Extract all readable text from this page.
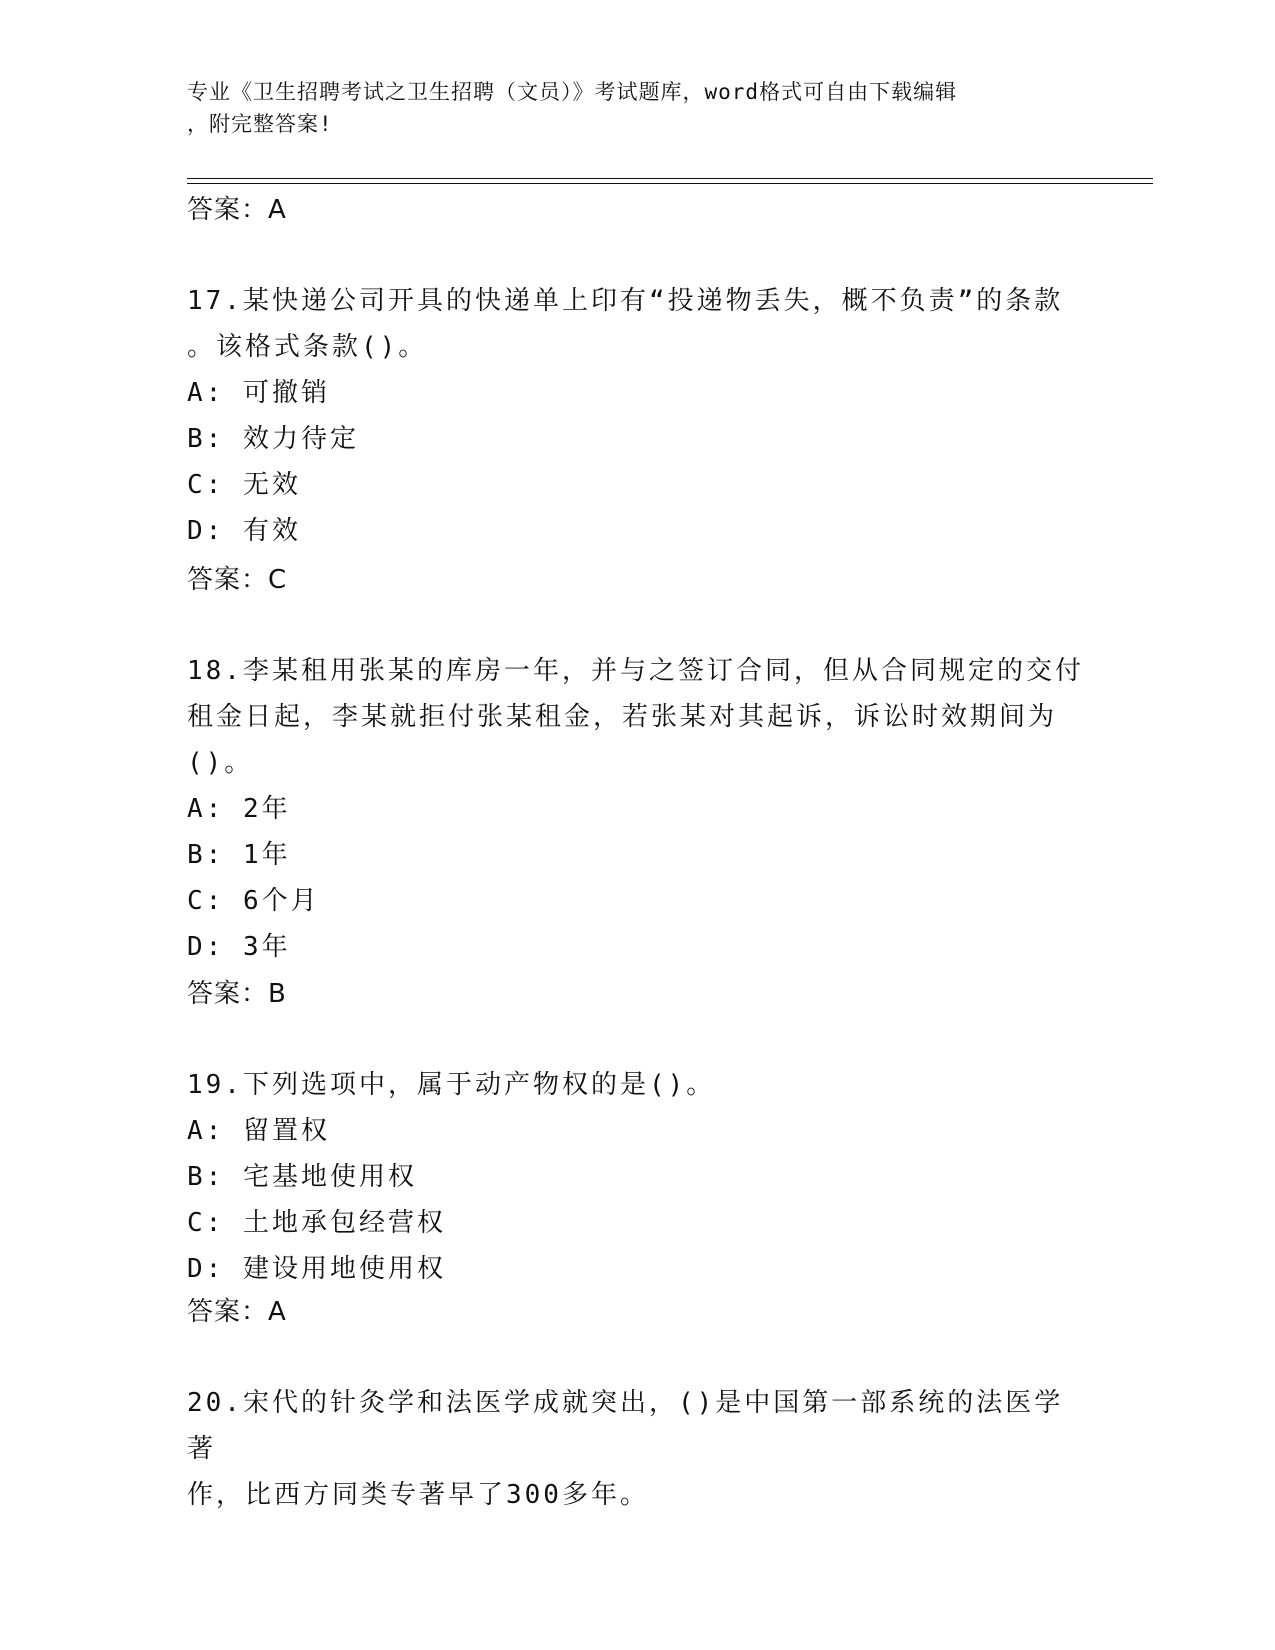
专业《卫生招聘考试之卫生招聘（文员）》考试题库，word格式可自由下载编辑
，附完整答案!
答案：A

17.某快递公司开具的快递单上印有“投递物丢失，概不负责”的条款

。该格式条款()。

A: 可撤销

B: 效力待定

C: 无效

D: 有效

答案：C

18.李某租用张某的库房一年，并与之签订合同，但从合同规定的交付

租金日起，李某就拒付张某租金，若张某对其起诉，诉讼时效期间为

()。

A: 2年

B: 1年

C: 6个月

D: 3年

答案：B

19.下列选项中，属于动产物权的是()。

A: 留置权

B: 宅基地使用权

C: 土地承包经营权

D: 建设用地使用权

答案：A

20.宋代的针灸学和法医学成就突出，()是中国第一部系统的法医学著

作，比西方同类专著早了300多年。
